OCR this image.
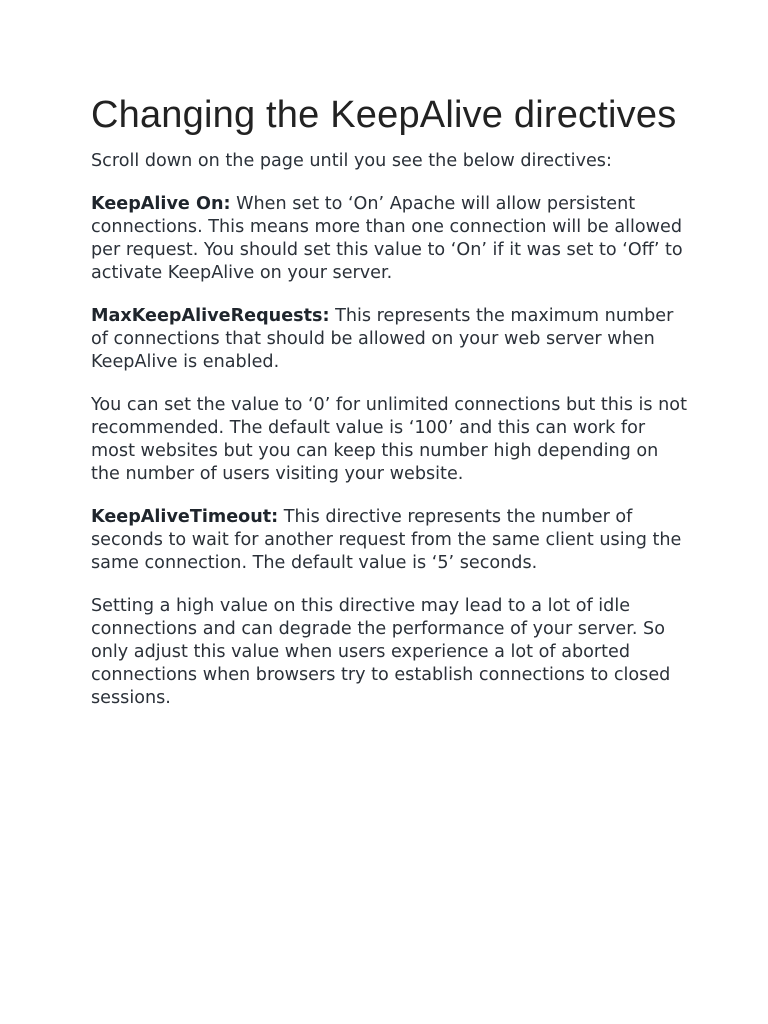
Changing the KeepAlive directives

Scroll down on the page until you see the below directives:

KeepAlive On: When set to ‘On’ Apache will allow persistent connections. This means more than one connection will be allowed per request. You should set this value to ‘On’ if it was set to ‘Off’ to activate KeepAlive on your server.

MaxKeepAliveRequests: This represents the maximum number of connections that should be allowed on your web server when KeepAlive is enabled.

You can set the value to ‘0’ for unlimited connections but this is not recommended. The default value is ‘100’ and this can work for most websites but you can keep this number high depending on the number of users visiting your website.

KeepAliveTimeout: This directive represents the number of seconds to wait for another request from the same client using the same connection. The default value is ‘5’ seconds.

Setting a high value on this directive may lead to a lot of idle connections and can degrade the performance of your server. So only adjust this value when users experience a lot of aborted connections when browsers try to establish connections to closed sessions.
